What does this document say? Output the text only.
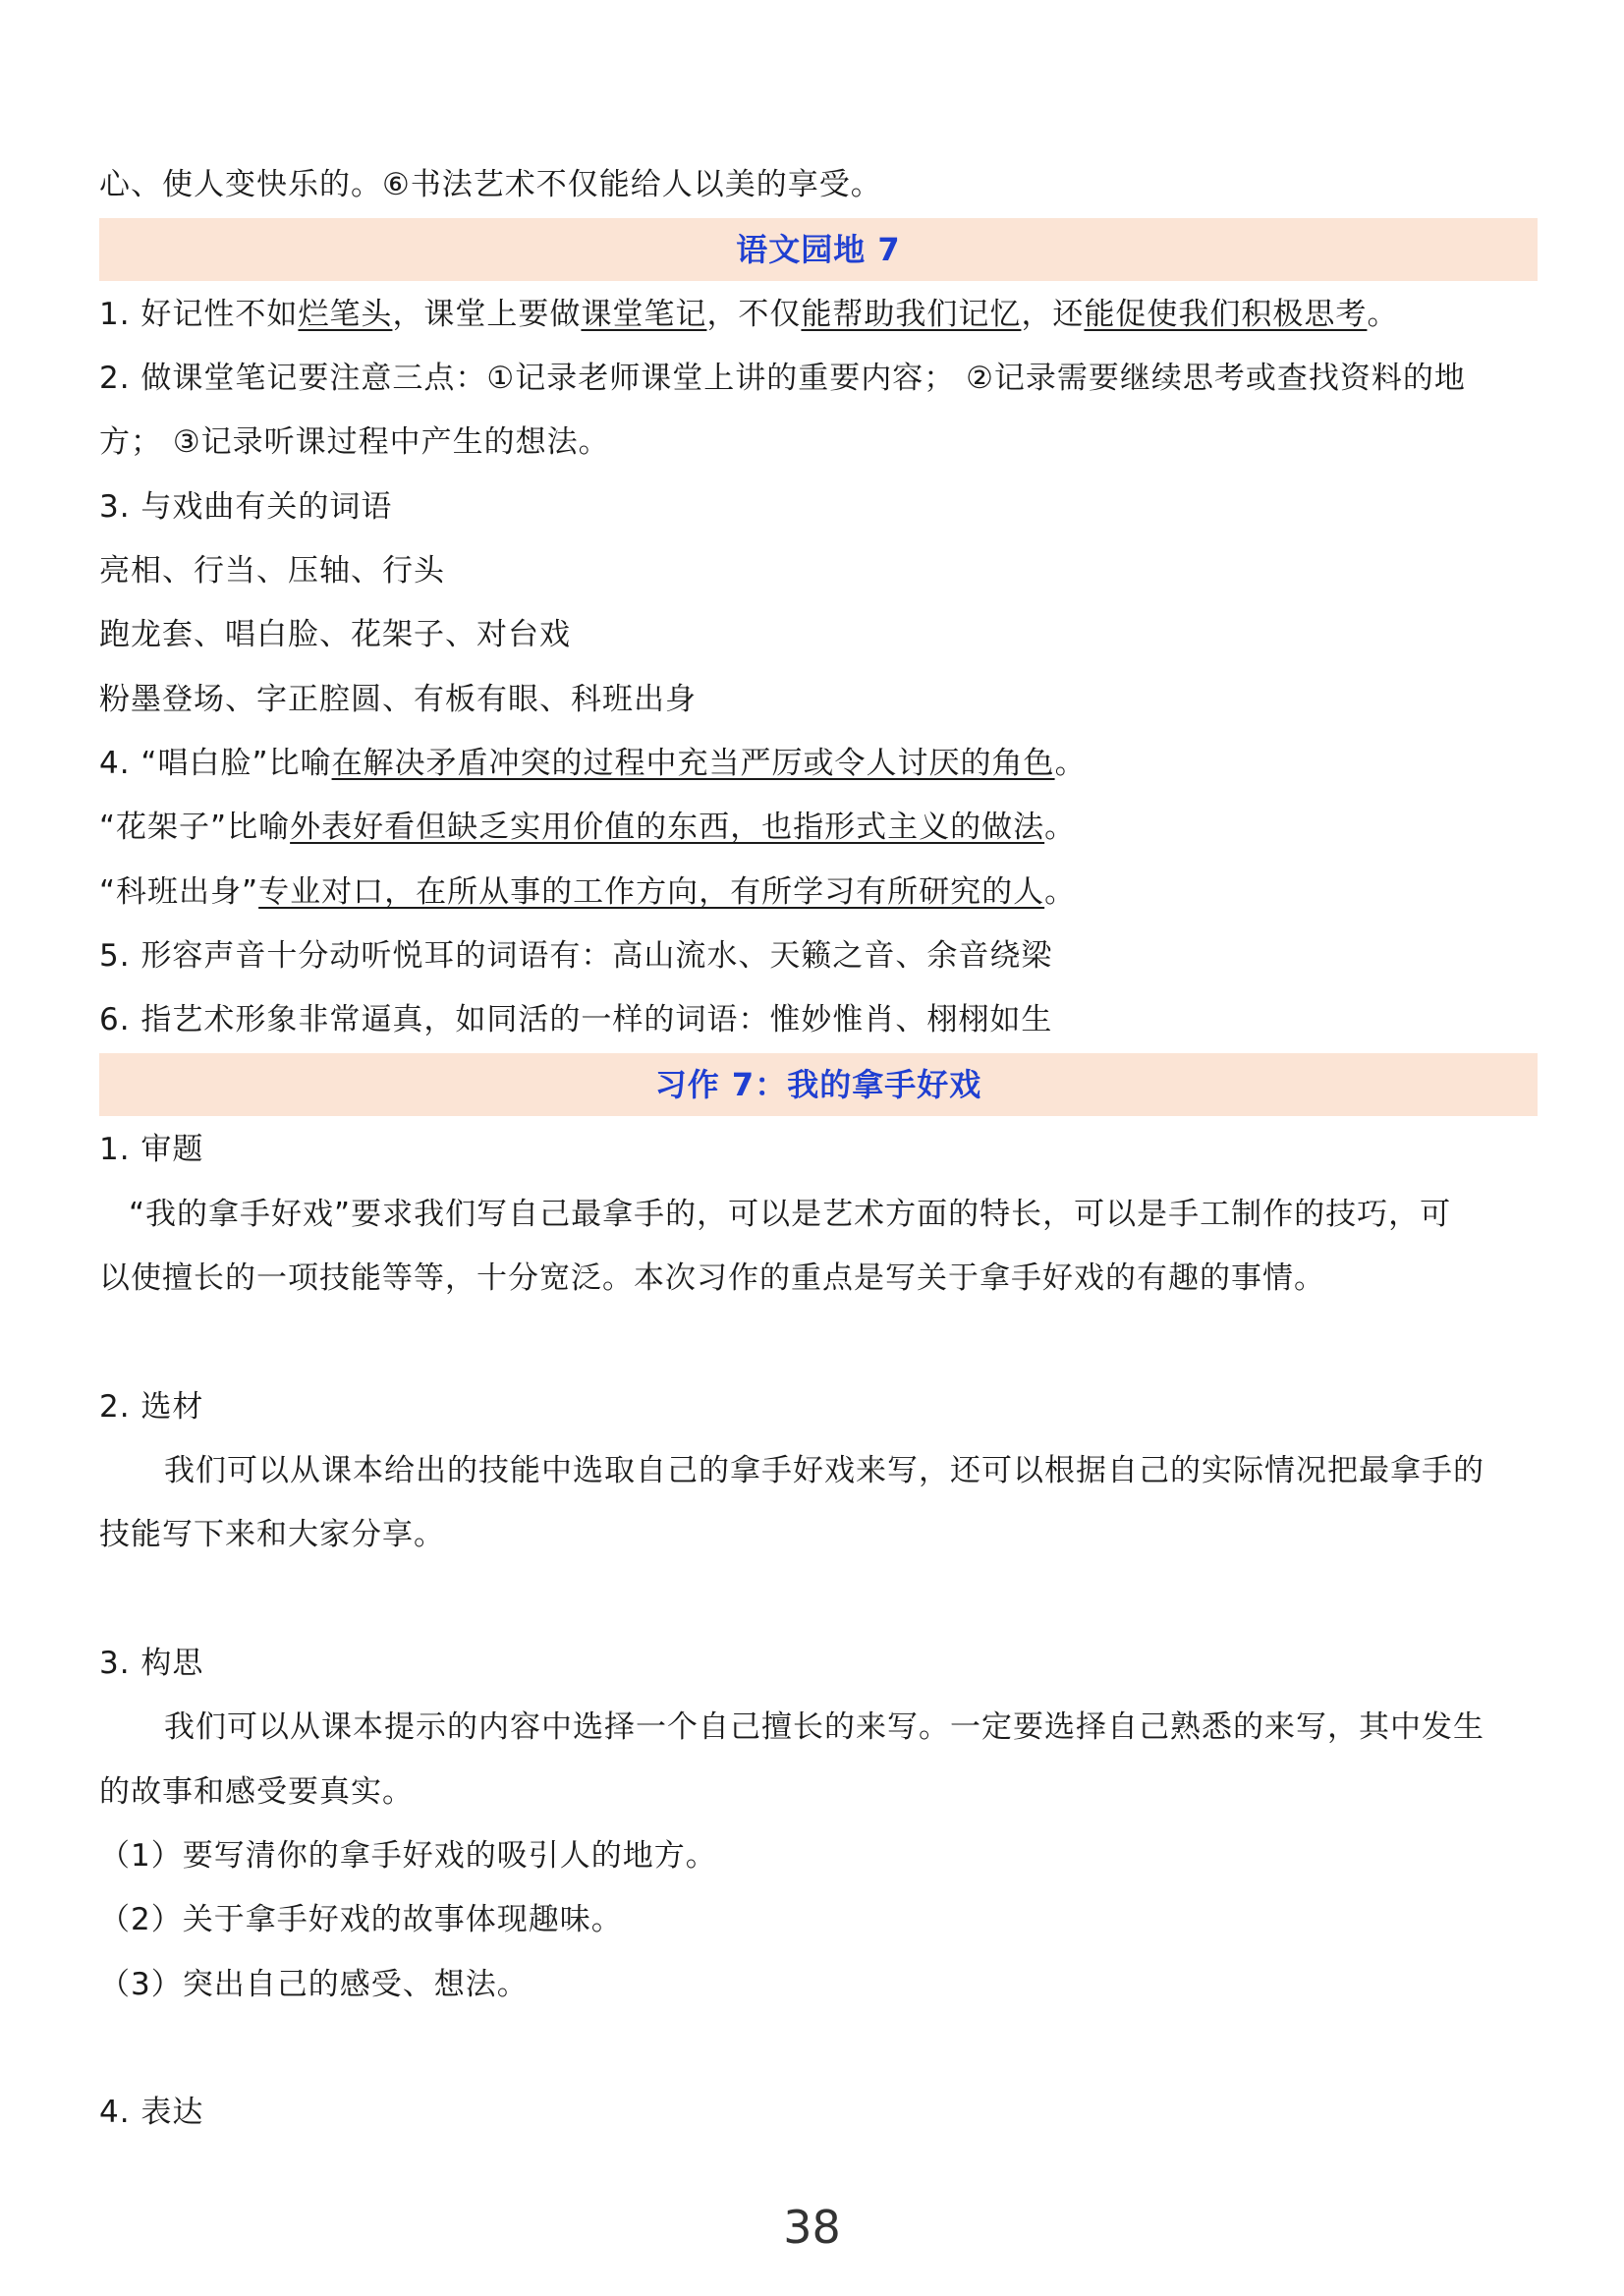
心、使人变快乐的。⑥书法艺术不仅能给人以美的享受。
语文园地 7
1. 好记性不如烂笔头，课堂上要做课堂笔记，不仅能帮助我们记忆，还能促使我们积极思考。
2. 做课堂笔记要注意三点：①记录老师课堂上讲的重要内容； ②记录需要继续思考或查找资料的地
方； ③记录听课过程中产生的想法。
3. 与戏曲有关的词语
亮相、行当、压轴、行头
跑龙套、唱白脸、花架子、对台戏
粉墨登场、字正腔圆、有板有眼、科班出身
4. “唱白脸”比喻在解决矛盾冲突的过程中充当严厉或令人讨厌的角色。
“花架子”比喻外表好看但缺乏实用价值的东西，也指形式主义的做法。
“科班出身”专业对口，在所从事的工作方向，有所学习有所研究的人。
5. 形容声音十分动听悦耳的词语有：高山流水、天籁之音、余音绕梁
6. 指艺术形象非常逼真，如同活的一样的词语：惟妙惟肖、栩栩如生
习作 7：我的拿手好戏
1. 审题
“我的拿手好戏”要求我们写自己最拿手的，可以是艺术方面的特长，可以是手工制作的技巧，可
以使擅长的一项技能等等，十分宽泛。本次习作的重点是写关于拿手好戏的有趣的事情。
2. 选材
我们可以从课本给出的技能中选取自己的拿手好戏来写，还可以根据自己的实际情况把最拿手的
技能写下来和大家分享。
3. 构思
我们可以从课本提示的内容中选择一个自己擅长的来写。一定要选择自己熟悉的来写，其中发生
的故事和感受要真实。
（1）要写清你的拿手好戏的吸引人的地方。
（2）关于拿手好戏的故事体现趣味。
（3）突出自己的感受、想法。
4. 表达
38
